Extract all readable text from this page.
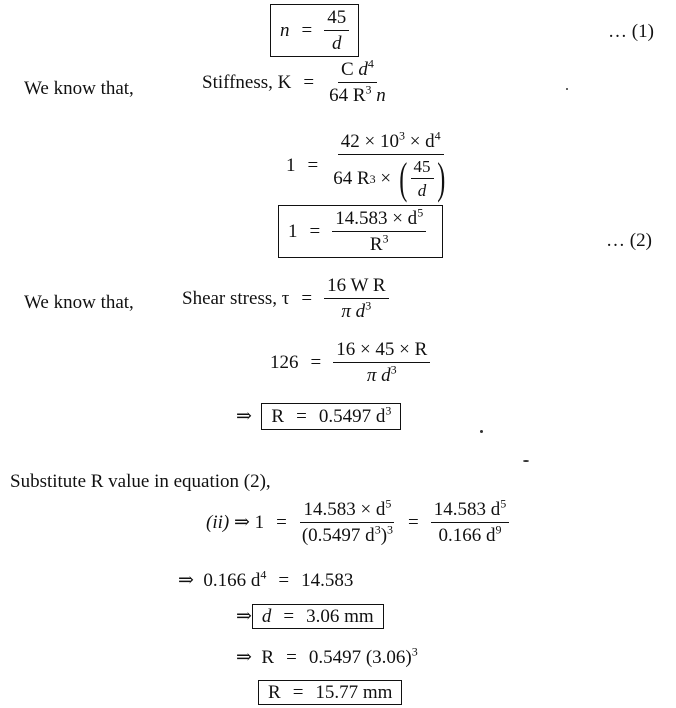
$n = \frac{45}{d}$	… (1)
We know that,	Stiffness, $K = \frac{C d^4}{64 R^3 n}$
$1 = 42 \times 10^3 \times d^4$
64 R 3
×
( $\frac{45}{d}$ )
$1 = \frac{14.583 \times d^5}{R^3}$	… (2)
We know that,	Shear stress, $\tau = \frac{\text{16 W R}}{\pi d^3}$
$126 = \frac{16 \times 45 \times R}{\pi d^3}$
⇒
R = 0.5497 $d^3$
Substitute R value in equation (2),
(ii)
⇒
$1 = \frac{14.583 \times d^5}{(0.5497 d^3)^3} = \frac{14.583 d^5}{0.166 d^9}$
⇒
0.166 $d^4 = 14.583$
⇒ d = 3.06 mm
⇒
R = 0.5497 $(3.06)^3$
R = 15.77 mm
